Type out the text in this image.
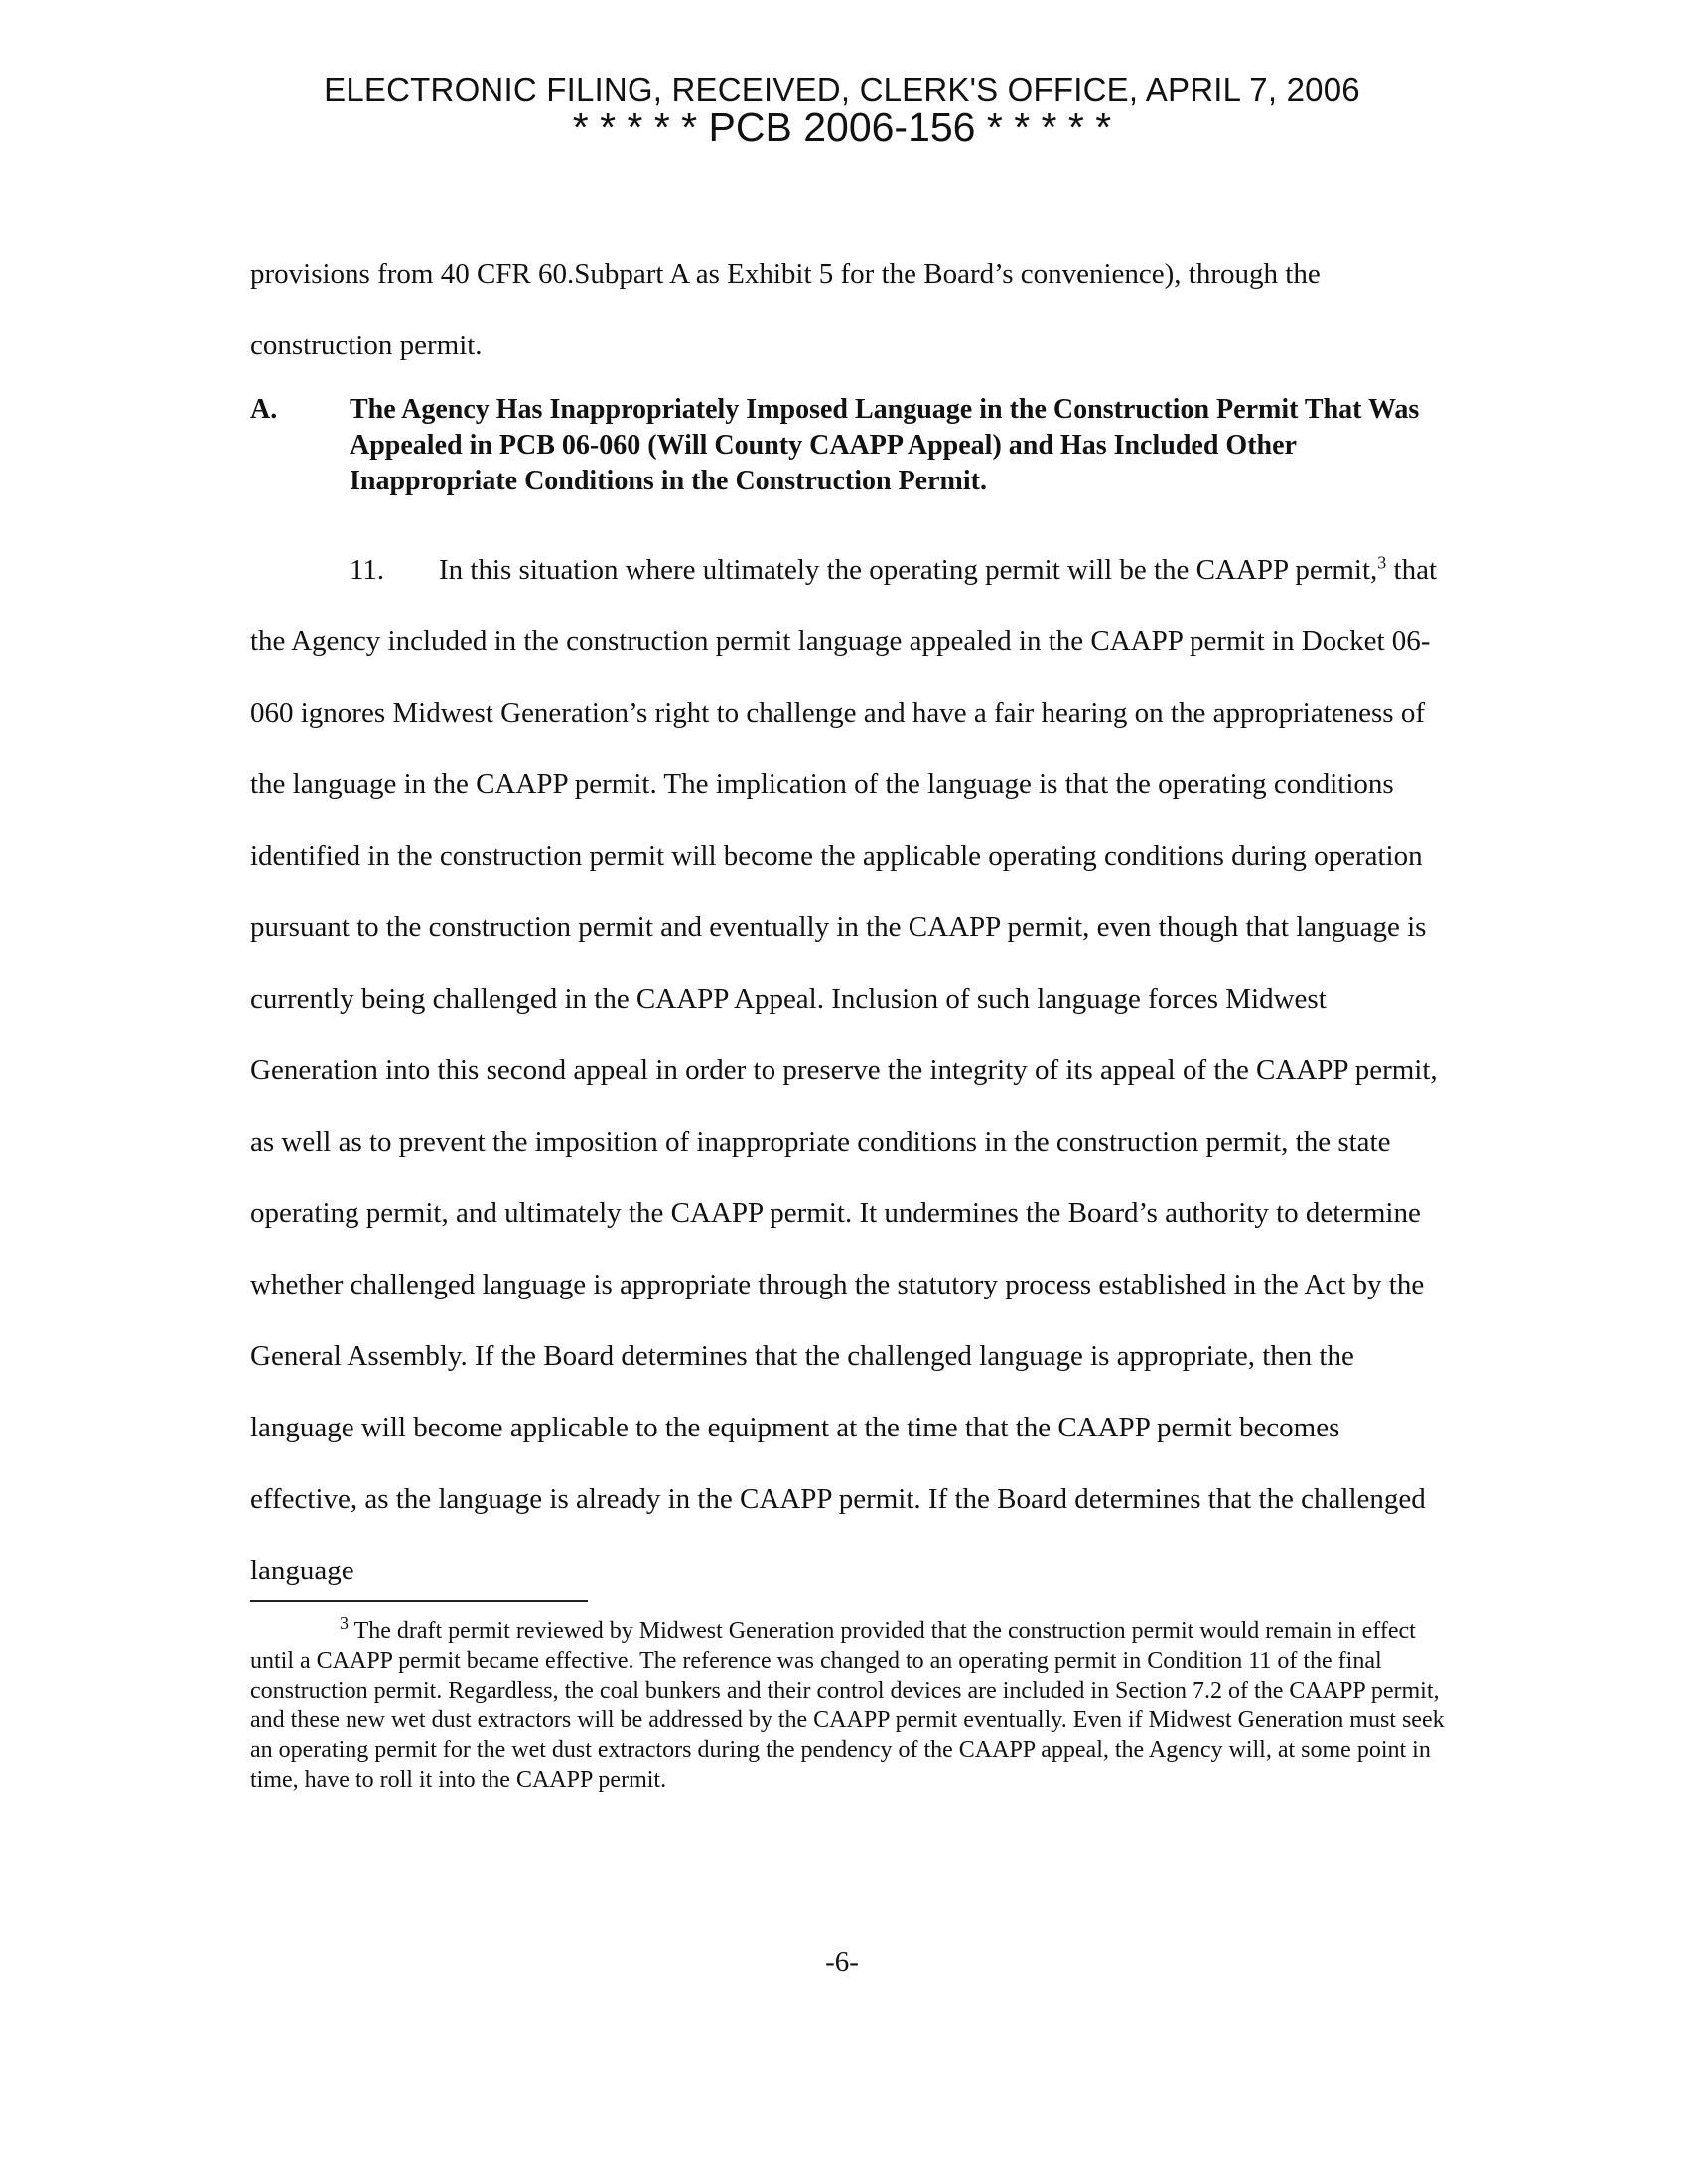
ELECTRONIC FILING, RECEIVED, CLERK'S OFFICE, APRIL 7, 2006
* * * * * PCB 2006-156 * * * * *

provisions from 40 CFR 60.Subpart A as Exhibit 5 for the Board’s convenience), through the construction permit.

A.	The Agency Has Inappropriately Imposed Language in the Construction Permit That Was Appealed in PCB 06-060 (Will County CAAPP Appeal) and Has Included Other Inappropriate Conditions in the Construction Permit.

11. In this situation where ultimately the operating permit will be the CAAPP permit,$^3$ that the Agency included in the construction permit language appealed in the CAAPP permit in Docket 06-060 ignores Midwest Generation’s right to challenge and have a fair hearing on the appropriateness of the language in the CAAPP permit. The implication of the language is that the operating conditions identified in the construction permit will become the applicable operating conditions during operation pursuant to the construction permit and eventually in the CAAPP permit, even though that language is currently being challenged in the CAAPP Appeal. Inclusion of such language forces Midwest Generation into this second appeal in order to preserve the integrity of its appeal of the CAAPP permit, as well as to prevent the imposition of inappropriate conditions in the construction permit, the state operating permit, and ultimately the CAAPP permit. It undermines the Board’s authority to determine whether challenged language is appropriate through the statutory process established in the Act by the General Assembly. If the Board determines that the challenged language is appropriate, then the language will become applicable to the equipment at the time that the CAAPP permit becomes effective, as the language is already in the CAAPP permit. If the Board determines that the challenged language

$^3$ The draft permit reviewed by Midwest Generation provided that the construction permit would remain in effect until a CAAPP permit became effective. The reference was changed to an operating permit in Condition 11 of the final construction permit. Regardless, the coal bunkers and their control devices are included in Section 7.2 of the CAAPP permit, and these new wet dust extractors will be addressed by the CAAPP permit eventually. Even if Midwest Generation must seek an operating permit for the wet dust extractors during the pendency of the CAAPP appeal, the Agency will, at some point in time, have to roll it into the CAAPP permit.

-6-
